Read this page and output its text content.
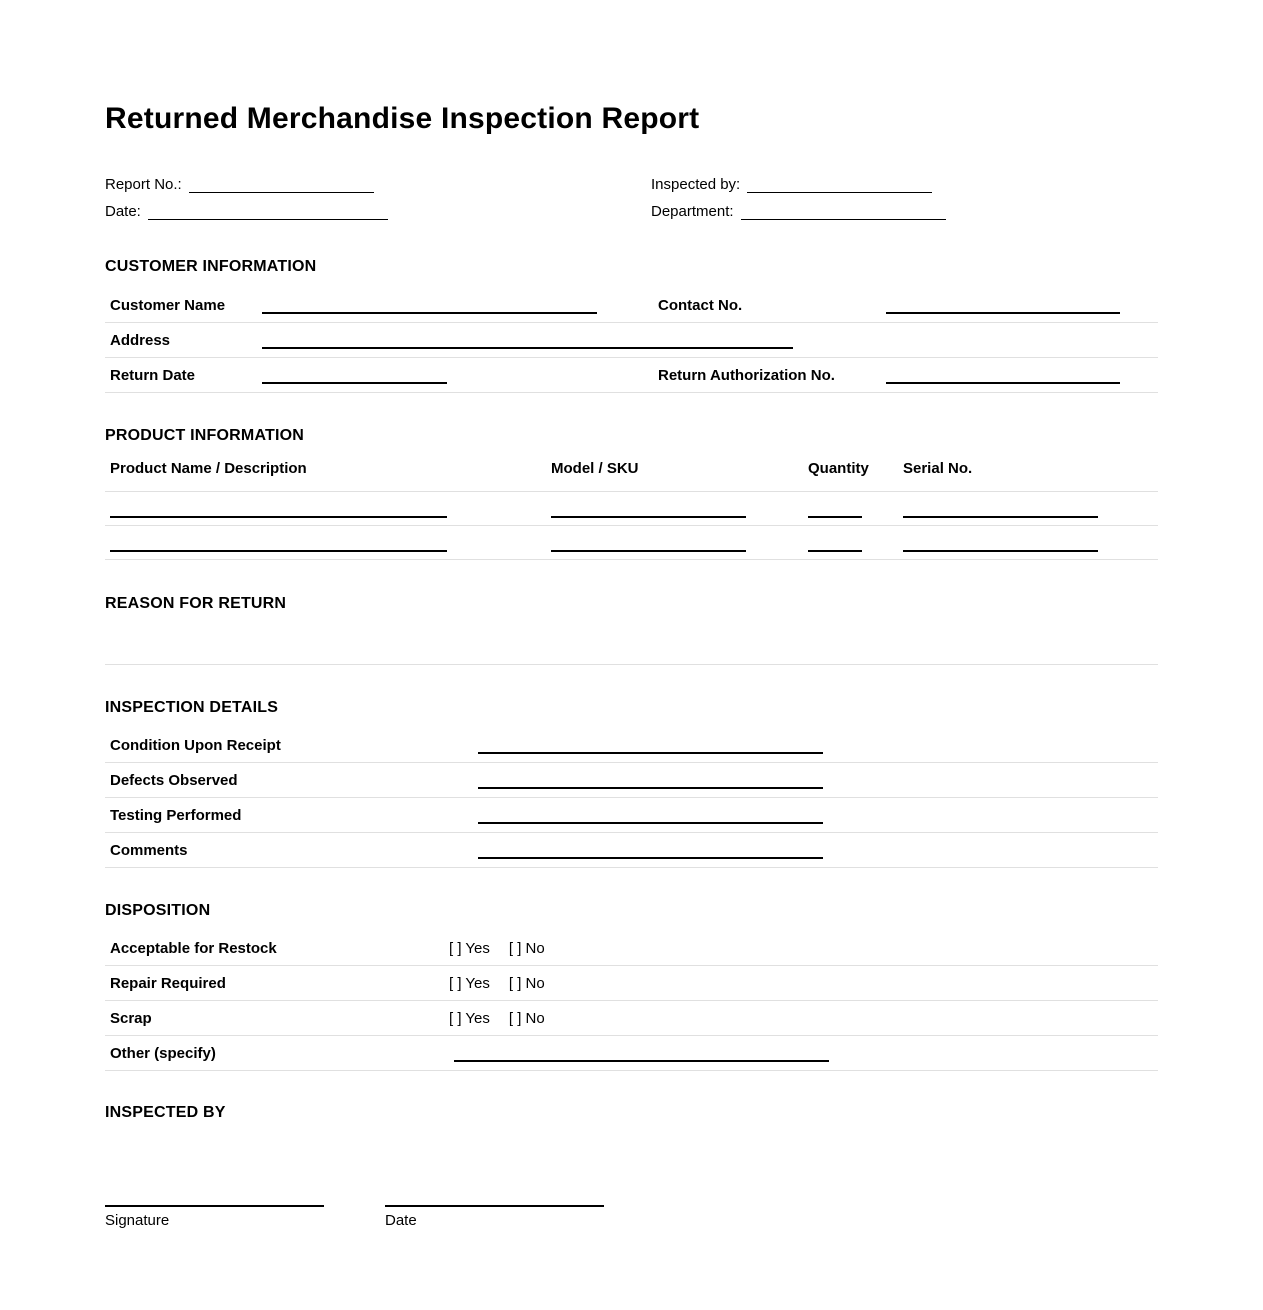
Returned Merchandise Inspection Report
Report No.:
Date:
Inspected by:
Department:
CUSTOMER INFORMATION
Customer Name	Contact No.
Address
Return Date	Return Authorization No.
PRODUCT INFORMATION
Product Name / Description	Model / SKU	Quantity	Serial No.
REASON FOR RETURN
INSPECTION DETAILS
Condition Upon Receipt
Defects Observed
Testing Performed
Comments
DISPOSITION
Acceptable for Restock	[ ] Yes [ ] No
Repair Required	[ ] Yes [ ] No
Scrap	[ ] Yes [ ] No
Other (specify)
INSPECTED BY
Signature	Date
